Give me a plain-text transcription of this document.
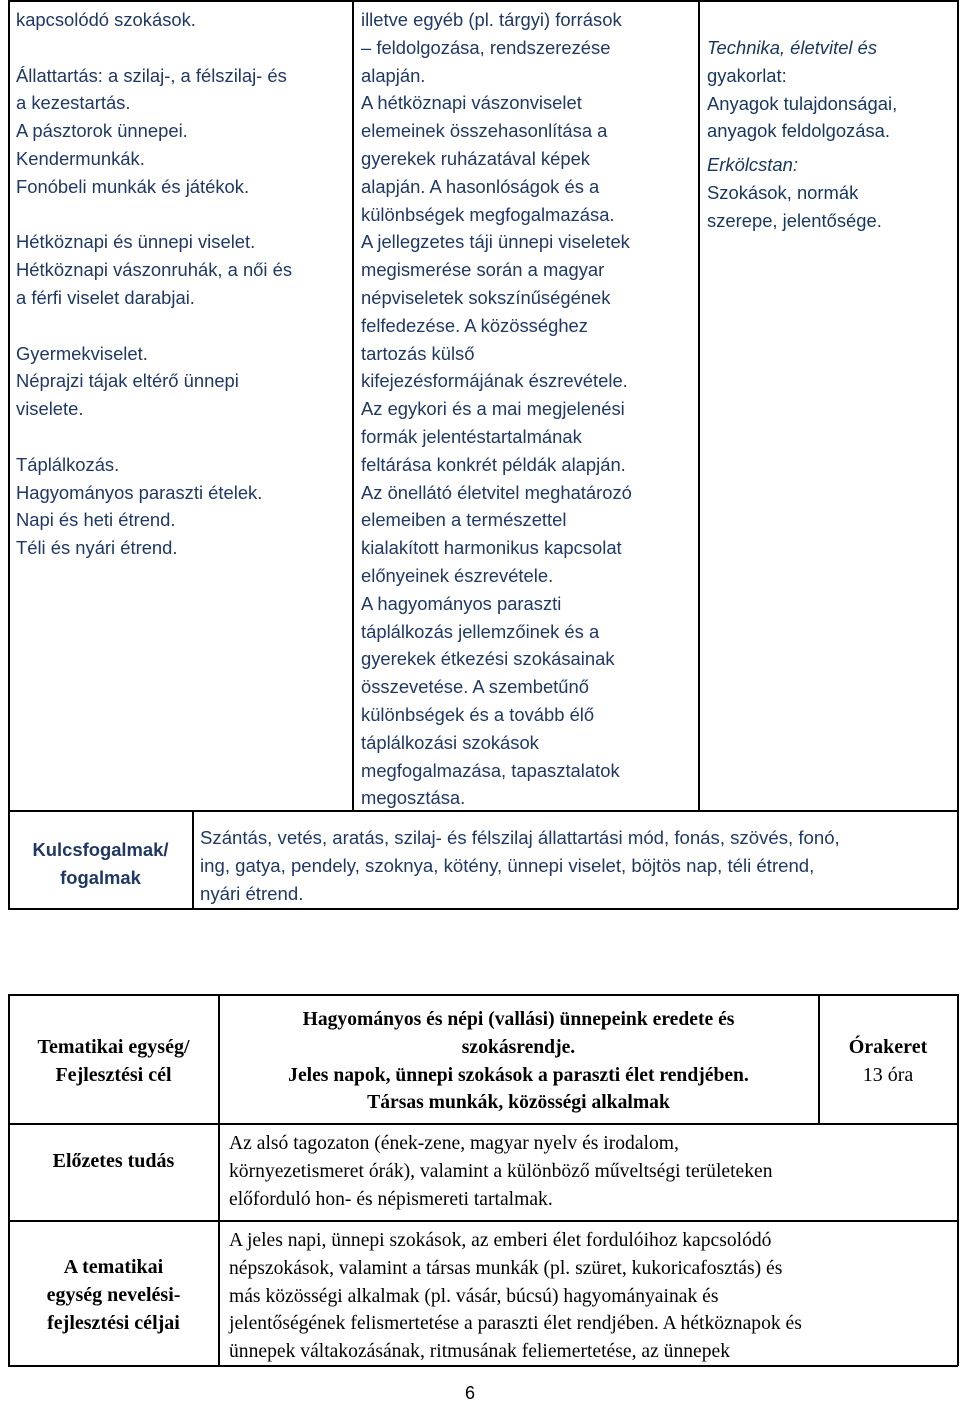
kapcsolódó szokások.

Állattartás: a szilaj-, a félszilaj- és

a kezestartás.

A pásztorok ünnepei.

Kendermunkák.

Fonóbeli munkák és játékok.

Hétköznapi és ünnepi viselet.

Hétköznapi vászonruhák, a női és

a férfi viselet darabjai.

Gyermekviselet.

Néprajzi tájak eltérő ünnepi

viselete.

Táplálkozás.

Hagyományos paraszti ételek.

Napi és heti étrend.

Téli és nyári étrend.

illetve egyéb (pl. tárgyi) források

– feldolgozása, rendszerezése

alapján.

A hétköznapi vászonviselet

elemeinek összehasonlítása a

gyerekek ruházatával képek

alapján. A hasonlóságok és a

különbségek megfogalmazása.

A jellegzetes táji ünnepi viseletek

megismerése során a magyar

népviseletek sokszínűségének

felfedezése. A közösséghez

tartozás külső

kifejezésformájának észrevétele.

Az egykori és a mai megjelenési

formák jelentéstartalmának

feltárása konkrét példák alapján.

Az önellátó életvitel meghatározó

elemeiben a természettel

kialakított harmonikus kapcsolat

előnyeinek észrevétele.

A hagyományos paraszti

táplálkozás jellemzőinek és a

gyerekek étkezési szokásainak

összevetése. A szembetűnő

különbségek és a tovább élő

táplálkozási szokások

megfogalmazása, tapasztalatok

megosztása.

Technika, életvitel és

gyakorlat:

Anyagok tulajdonságai,

anyagok feldolgozása.

Erkölcstan:

Szokások, normák

szerepe, jelentősége.

Kulcsfogalmak/

fogalmak

Szántás, vetés, aratás, szilaj- és félszilaj állattartási mód, fonás, szövés, fonó,

ing, gatya, pendely, szoknya, kötény, ünnepi viselet, böjtös nap, téli étrend,

nyári étrend.

Tematikai egység/

Fejlesztési cél

Hagyományos és népi (vallási) ünnepeink eredete és

szokásrendje.

Jeles napok, ünnepi szokások a paraszti élet rendjében.

Társas munkák, közösségi alkalmak

Órakeret

13 óra

Előzetes tudás

Az alsó tagozaton (ének-zene, magyar nyelv és irodalom,

környezetismeret órák), valamint a különböző műveltségi területeken

előforduló hon- és népismereti tartalmak.

A tematikai

egység nevelési-

fejlesztési céljai

A jeles napi, ünnepi szokások, az emberi élet fordulóihoz kapcsolódó

népszokások, valamint a társas munkák (pl. szüret, kukoricafosztás) és

más közösségi alkalmak (pl. vásár, búcsú) hagyományainak és

jelentőségének felismertetése a paraszti élet rendjében. A hétköznapok és

ünnepek váltakozásának, ritmusának feliemertetése, az ünnepek

6
